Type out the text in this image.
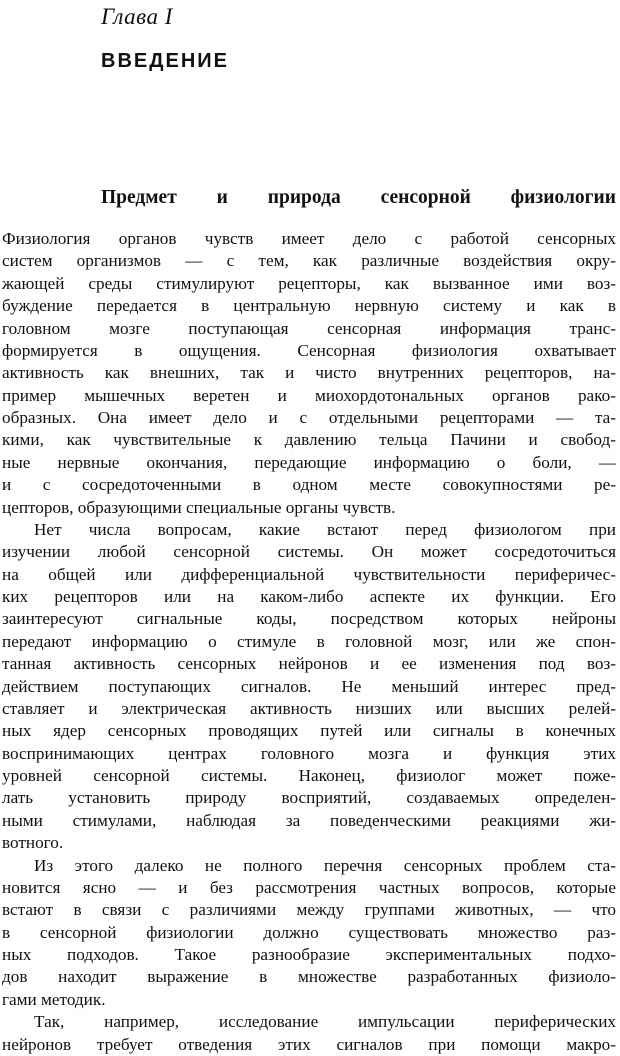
Глава I
ВВЕДЕНИЕ
Предмет и природа сенсорной физиологии
Физиология органов чувств имеет дело с работой сенсорных
систем организмов — с тем, как различные воздействия окру-
жающей среды стимулируют рецепторы, как вызванное ими воз-
буждение передается в центральную нервную систему и как в
головном мозге поступающая сенсорная информация транс-
формируется в ощущения. Сенсорная физиология охватывает
активность как внешних, так и чисто внутренних рецепторов, на-
пример мышечных веретен и миохордотональных органов рако-
образных. Она имеет дело и с отдельными рецепторами — та-
кими, как чувствительные к давлению тельца Пачини и свобод-
ные нервные окончания, передающие информацию о боли, —
и с сосредоточенными в одном месте совокупностями ре-
цепторов, образующими специальные органы чувств.
Нет числа вопросам, какие встают перед физиологом при
изучении любой сенсорной системы. Он может сосредоточиться
на общей или дифференциальной чувствительности периферичес-
ких рецепторов или на каком-либо аспекте их функции. Его
заинтересуют сигнальные коды, посредством которых нейроны
передают информацию о стимуле в головной мозг, или же спон-
танная активность сенсорных нейронов и ее изменения под воз-
действием поступающих сигналов. Не меньший интерес пред-
ставляет и электрическая активность низших или высших релей-
ных ядер сенсорных проводящих путей или сигналы в конечных
воспринимающих центрах головного мозга и функция этих
уровней сенсорной системы. Наконец, физиолог может поже-
лать установить природу восприятий, создаваемых определен-
ными стимулами, наблюдая за поведенческими реакциями жи-
вотного.
Из этого далеко не полного перечня сенсорных проблем ста-
новится ясно — и без рассмотрения частных вопросов, которые
встают в связи с различиями между группами животных, — что
в сенсорной физиологии должно существовать множество раз-
ных подходов. Такое разнообразие экспериментальных подхо-
дов находит выражение в множестве разработанных физиоло-
гами методик.
Так, например, исследование импульсации периферических
нейронов требует отведения этих сигналов при помощи макро-
